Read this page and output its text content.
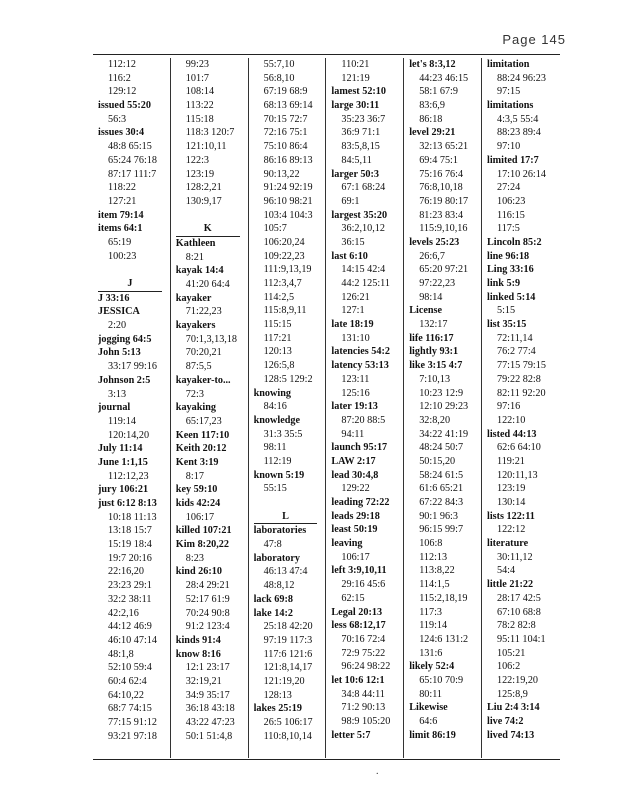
Page 145
112:12
116:2
129:12
issued 55:20
56:3
issues 30:4
48:8 65:15
65:24 76:18
87:17 111:7
118:22
127:21
item 79:14
items 64:1
65:19
100:23
J
J 33:16
JESSICA
2:20
jogging 64:5
John 5:13
33:17 99:16
Johnson 2:5
3:13
journal
119:14
120:14,20
July 11:14
June 1:1,15
112:12,23
jury 106:21
just 6:12 8:13
10:18 11:13
13:18 15:7
15:19 18:4
19:7 20:16
22:16,20
23:23 29:1
32:2 38:11
42:2,16
44:12 46:9
46:10 47:14
48:1,8
52:10 59:4
60:4 62:4
64:10,22
68:7 74:15
77:15 91:12
93:21 97:18
99:23
101:7
108:14
113:22
115:18
118:3 120:7
121:10,11
122:3
123:19
128:2,21
130:9,17
K
Kathleen
8:21
kayak 14:4
41:20 64:4
kayaker
71:22,23
kayakers
70:1,3,13,18
70:20,21
87:5,5
kayaker-to...
72:3
kayaking
65:17,23
Keen 117:10
Keith 20:12
Kent 3:19
8:17
key 59:10
kids 42:24
106:17
killed 107:21
Kim 8:20,22
8:23
kind 26:10
28:4 29:21
52:17 61:9
70:24 90:8
91:2 123:4
kinds 91:4
know 8:16
12:1 23:17
32:19,21
34:9 35:17
36:18 43:18
43:22 47:23
50:1 51:4,8
55:7,10
56:8,10
67:19 68:9
68:13 69:14
70:15 72:7
72:16 75:1
75:10 86:4
86:16 89:13
90:13,22
91:24 92:19
96:10 98:21
103:4 104:3
105:7
106:20,24
109:22,23
111:9,13,19
112:3,4,7
114:2,5
115:8,9,11
115:15
117:21
120:13
126:5,8
128:5 129:2
knowing
84:16
knowledge
31:3 35:5
98:11
112:19
known 5:19
55:15
L
laboratories
47:8
laboratory
46:13 47:4
48:8,12
lack 69:8
lake 14:2
25:18 42:20
97:19 117:3
117:6 121:6
121:8,14,17
121:19,20
128:13
lakes 25:19
26:5 106:17
110:8,10,14
110:21
121:19
lamest 52:10
large 30:11
35:23 36:7
36:9 71:1
83:5,8,15
84:5,11
larger 50:3
67:1 68:24
69:1
largest 35:20
36:2,10,12
36:15
last 6:10
14:15 42:4
44:2 125:11
126:21
127:1
late 18:19
131:10
latencies 54:2
latency 53:13
123:11
125:16
later 19:13
87:20 88:5
94:11
launch 95:17
LAW 2:17
lead 30:4,8
129:22
leading 72:22
leads 29:18
least 50:19
leaving
106:17
left 3:9,10,11
29:16 45:6
62:15
Legal 20:13
less 68:12,17
70:16 72:4
72:9 75:22
96:24 98:22
let 10:6 12:1
34:8 44:11
71:2 90:13
98:9 105:20
letter 5:7
let's 8:3,12
44:23 46:15
58:1 67:9
83:6,9
86:18
level 29:21
32:13 65:21
69:4 75:1
75:16 76:4
76:8,10,18
76:19 80:17
81:23 83:4
115:9,10,16
levels 25:23
26:6,7
65:20 97:21
97:22,23
98:14
License
132:17
life 116:17
lightly 93:1
like 3:15 4:7
7:10,13
10:23 12:9
12:10 29:23
32:8,20
34:22 41:19
48:24 50:7
50:15,20
58:24 61:5
61:6 65:21
67:22 84:3
90:1 96:3
96:15 99:7
106:8
112:13
113:8,22
114:1,5
115:2,18,19
117:3
119:14
124:6 131:2
131:6
likely 52:4
65:10 70:9
80:11
Likewise
64:6
limit 86:19
limitation
88:24 96:23
97:15
limitations
4:3,5 55:4
88:23 89:4
97:10
limited 17:7
17:10 26:14
27:24
106:23
116:15
117:5
Lincoln 85:2
line 96:18
Ling 33:16
link 5:9
linked 5:14
5:15
list 35:15
72:11,14
76:2 77:4
77:15 79:15
79:22 82:8
82:11 92:20
97:16
122:10
listed 44:13
62:6 64:10
119:21
120:11,13
123:19
130:14
lists 122:11
122:12
literature
30:11,12
54:4
little 21:22
28:17 42:5
67:10 68:8
78:2 82:8
95:11 104:1
105:21
106:2
122:19,20
125:8,9
Liu 2:4 3:14
live 74:2
lived 74:13
.
